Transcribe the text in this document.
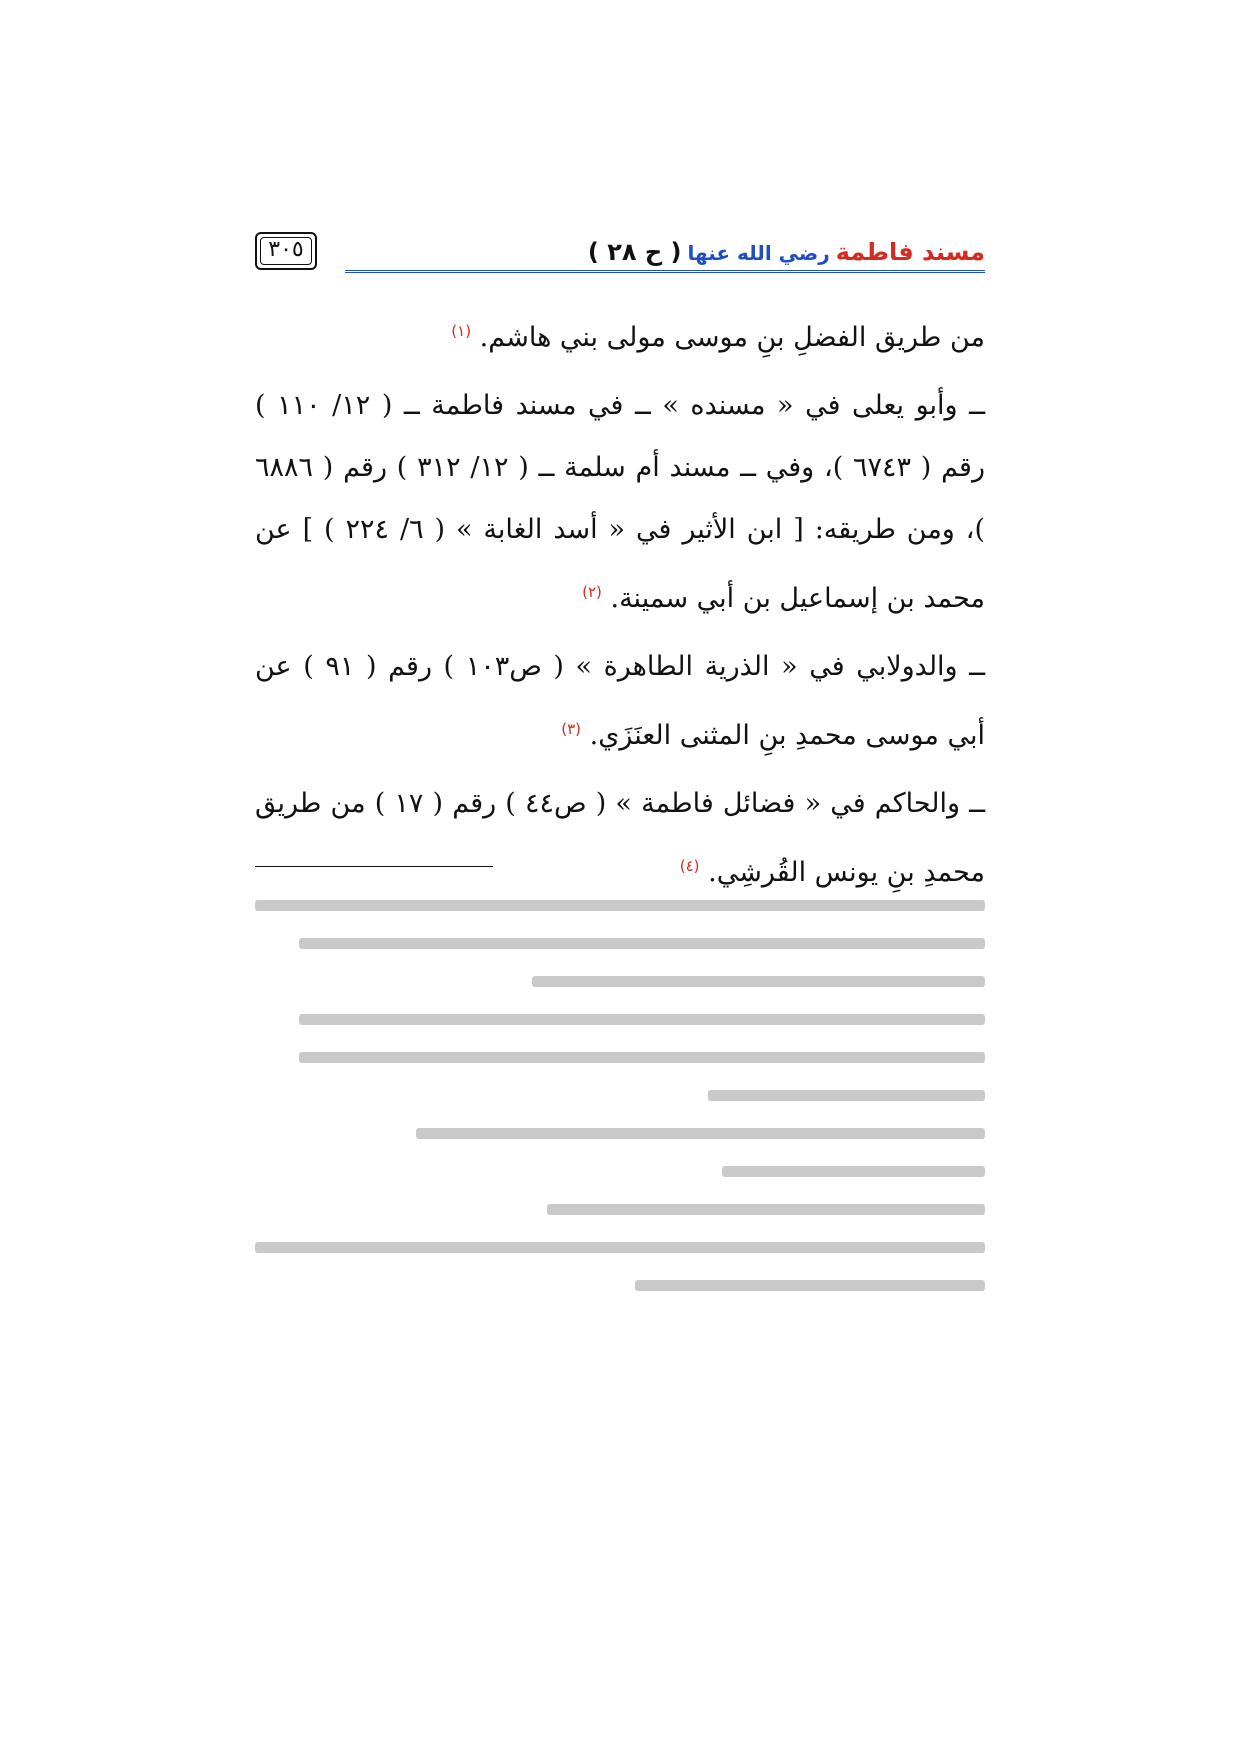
مسند فاطمةرضي الله عنها( ح ٢٨ )
٣٠٥

من طريق الفضلِ بنِ موسى مولى بني هاشم. $^{(١)}$

ــ وأبو يعلى في « مسنده » ــ في مسند فاطمة ــ ( ١٢/ ١١٠ ) رقم ( ٦٧٤٣ )، وفي ــ مسند أم سلمة ــ ( ١٢/ ٣١٢ ) رقم ( ٦٨٨٦ )، ومن طريقه: [ ابن الأثير في « أسد الغابة » ( ٦/ ٢٢٤ ) ] عن محمد بن إسماعيل بن أبي سمينة. $^{(٢)}$

ــ والدولابي في « الذرية الطاهرة » ( ص١٠٣ ) رقم ( ٩١ ) عن أبي موسى محمدِ بنِ المثنى العنَزَي. $^{(٣)}$

ــ والحاكم في « فضائل فاطمة » ( ص٤٤ ) رقم ( ١٧ ) من طريق محمدِ بنِ يونس القُرشِي. $^{(٤)}$
